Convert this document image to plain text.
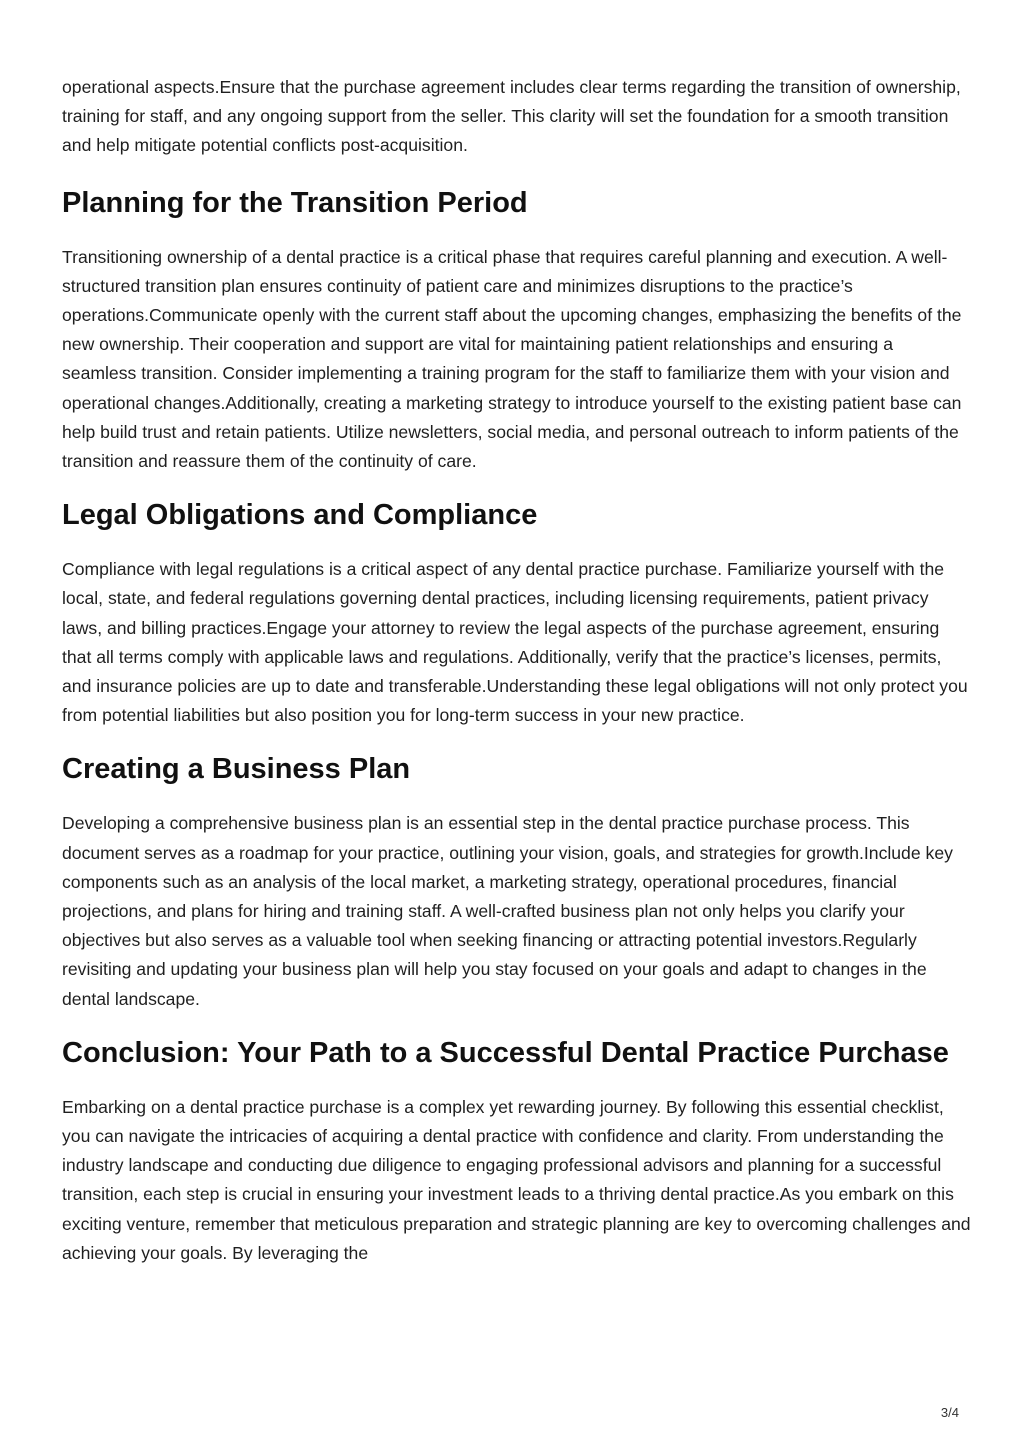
operational aspects.Ensure that the purchase agreement includes clear terms regarding the transition of ownership, training for staff, and any ongoing support from the seller. This clarity will set the foundation for a smooth transition and help mitigate potential conflicts post-acquisition.

Planning for the Transition Period

Transitioning ownership of a dental practice is a critical phase that requires careful planning and execution. A well-structured transition plan ensures continuity of patient care and minimizes disruptions to the practice’s operations.Communicate openly with the current staff about the upcoming changes, emphasizing the benefits of the new ownership. Their cooperation and support are vital for maintaining patient relationships and ensuring a seamless transition. Consider implementing a training program for the staff to familiarize them with your vision and operational changes.Additionally, creating a marketing strategy to introduce yourself to the existing patient base can help build trust and retain patients. Utilize newsletters, social media, and personal outreach to inform patients of the transition and reassure them of the continuity of care.

Legal Obligations and Compliance

Compliance with legal regulations is a critical aspect of any dental practice purchase. Familiarize yourself with the local, state, and federal regulations governing dental practices, including licensing requirements, patient privacy laws, and billing practices.Engage your attorney to review the legal aspects of the purchase agreement, ensuring that all terms comply with applicable laws and regulations. Additionally, verify that the practice’s licenses, permits, and insurance policies are up to date and transferable.Understanding these legal obligations will not only protect you from potential liabilities but also position you for long-term success in your new practice.

Creating a Business Plan

Developing a comprehensive business plan is an essential step in the dental practice purchase process. This document serves as a roadmap for your practice, outlining your vision, goals, and strategies for growth.Include key components such as an analysis of the local market, a marketing strategy, operational procedures, financial projections, and plans for hiring and training staff. A well-crafted business plan not only helps you clarify your objectives but also serves as a valuable tool when seeking financing or attracting potential investors.Regularly revisiting and updating your business plan will help you stay focused on your goals and adapt to changes in the dental landscape.

Conclusion: Your Path to a Successful Dental Practice Purchase

Embarking on a dental practice purchase is a complex yet rewarding journey. By following this essential checklist, you can navigate the intricacies of acquiring a dental practice with confidence and clarity. From understanding the industry landscape and conducting due diligence to engaging professional advisors and planning for a successful transition, each step is crucial in ensuring your investment leads to a thriving dental practice.As you embark on this exciting venture, remember that meticulous preparation and strategic planning are key to overcoming challenges and achieving your goals. By leveraging the

3/4
